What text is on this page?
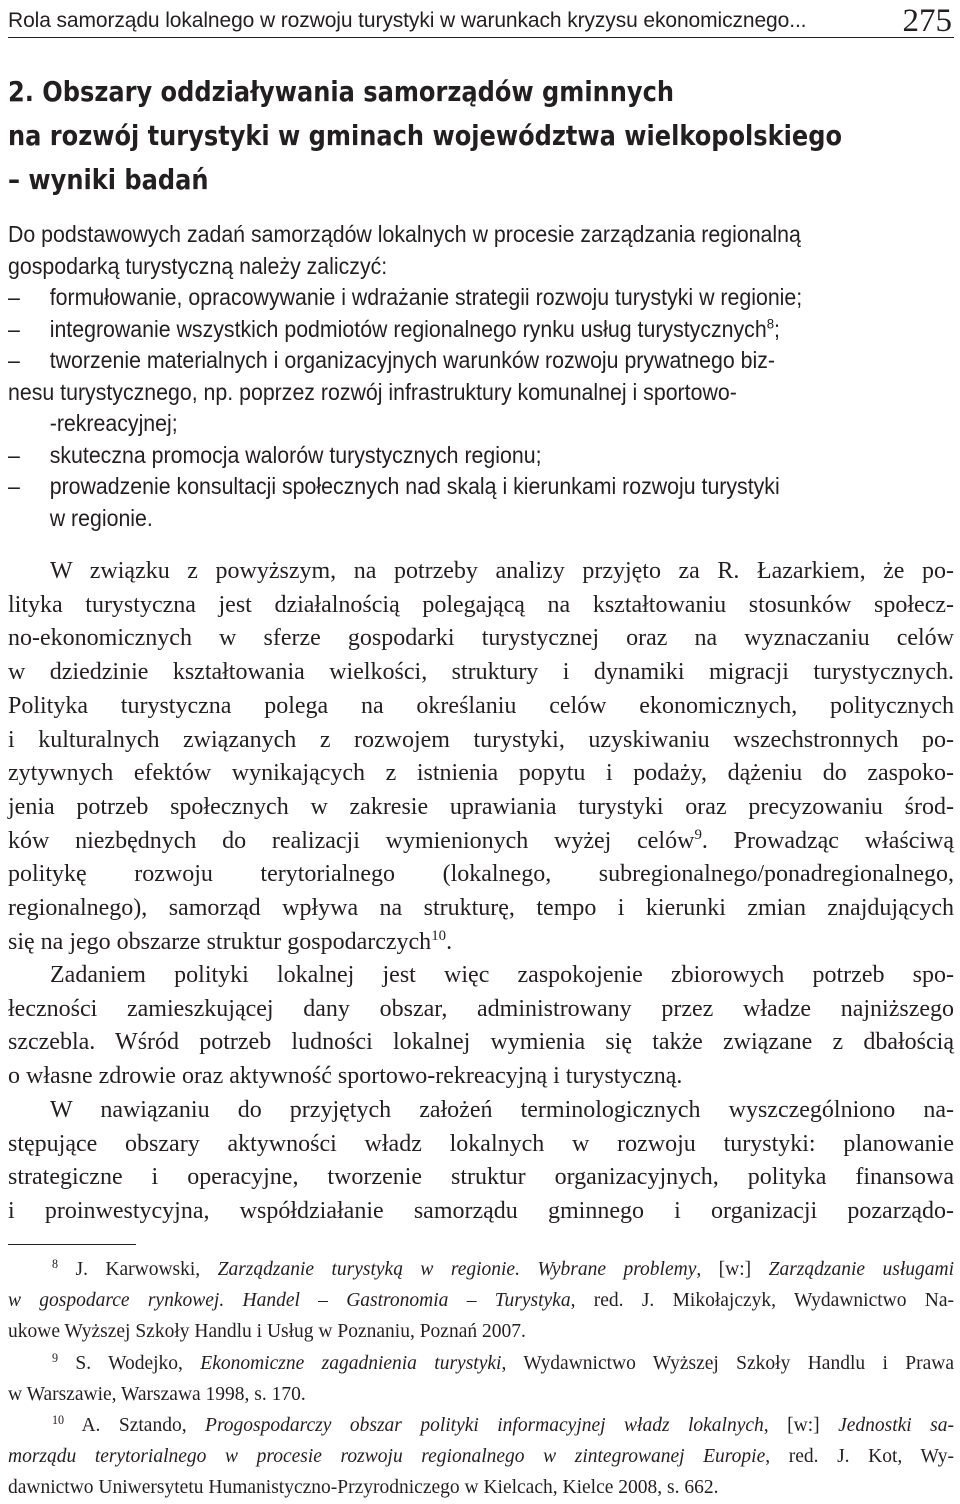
Rola samorządu lokalnego w rozwoju turystyki w warunkach kryzysu ekonomicznego...	275
2. Obszary oddziaływania samorządów gminnych
na rozwój turystyki w gminach województwa wielkopolskiego
– wyniki badań
Do podstawowych zadań samorządów lokalnych w procesie zarządzania regionalną
gospodarką turystyczną należy zaliczyć:
– formułowanie, opracowywanie i wdrażanie strategii rozwoju turystyki w regionie;
– integrowanie wszystkich podmiotów regionalnego rynku usług turystycznych$^8$;
– tworzenie materialnych i organizacyjnych warunków rozwoju prywatnego biz-
nesu turystycznego, np. poprzez rozwój infrastruktury komunalnej i sportowo-
-rekreacyjnej;
– skuteczna promocja walorów turystycznych regionu;
– prowadzenie konsultacji społecznych nad skalą i kierunkami rozwoju turystyki
w regionie.
W związku z powyższym, na potrzeby analizy przyjęto za R. Łazarkiem, że po-
lityka turystyczna jest działalnością polegającą na kształtowaniu stosunków społecz-
no-ekonomicznych w sferze gospodarki turystycznej oraz na wyznaczaniu celów
w dziedzinie kształtowania wielkości, struktury i dynamiki migracji turystycznych.
Polityka turystyczna polega na określaniu celów ekonomicznych, politycznych
i kulturalnych związanych z rozwojem turystyki, uzyskiwaniu wszechstronnych po-
zytywnych efektów wynikających z istnienia popytu i podaży, dążeniu do zaspoko-
jenia potrzeb społecznych w zakresie uprawiania turystyki oraz precyzowaniu środ-
ków niezbędnych do realizacji wymienionych wyżej celów$^9$. Prowadząc właściwą
politykę rozwoju terytorialnego (lokalnego, subregionalnego/ponadregionalnego,
regionalnego), samorząd wpływa na strukturę, tempo i kierunki zmian znajdujących
się na jego obszarze struktur gospodarczych$^{10}$.
Zadaniem polityki lokalnej jest więc zaspokojenie zbiorowych potrzeb spo-
łeczności zamieszkującej dany obszar, administrowany przez władze najniższego
szczebla. Wśród potrzeb ludności lokalnej wymienia się także związane z dbałością
o własne zdrowie oraz aktywność sportowo-rekreacyjną i turystyczną.
W nawiązaniu do przyjętych założeń terminologicznych wyszczególniono na-
stępujące obszary aktywności władz lokalnych w rozwoju turystyki: planowanie
strategiczne i operacyjne, tworzenie struktur organizacyjnych, polityka finansowa
i proinwestycyjna, współdziałanie samorządu gminnego i organizacji pozarządo-
$^8$ J. Karwowski, Zarządzanie turystyką w regionie. Wybrane problemy, [w:] Zarządzanie usługami
w gospodarce rynkowej. Handel – Gastronomia – Turystyka, red. J. Mikołajczyk, Wydawnictwo Na-
ukowe Wyższej Szkoły Handlu i Usług w Poznaniu, Poznań 2007.
$^9$ S. Wodejko, Ekonomiczne zagadnienia turystyki, Wydawnictwo Wyższej Szkoły Handlu i Prawa
w Warszawie, Warszawa 1998, s. 170.
$^{10}$ A. Sztando, Progospodarczy obszar polityki informacyjnej władz lokalnych, [w:] Jednostki sa-
morządu terytorialnego w procesie rozwoju regionalnego w zintegrowanej Europie, red. J. Kot, Wy-
dawnictwo Uniwersytetu Humanistyczno-Przyrodniczego w Kielcach, Kielce 2008, s. 662.
